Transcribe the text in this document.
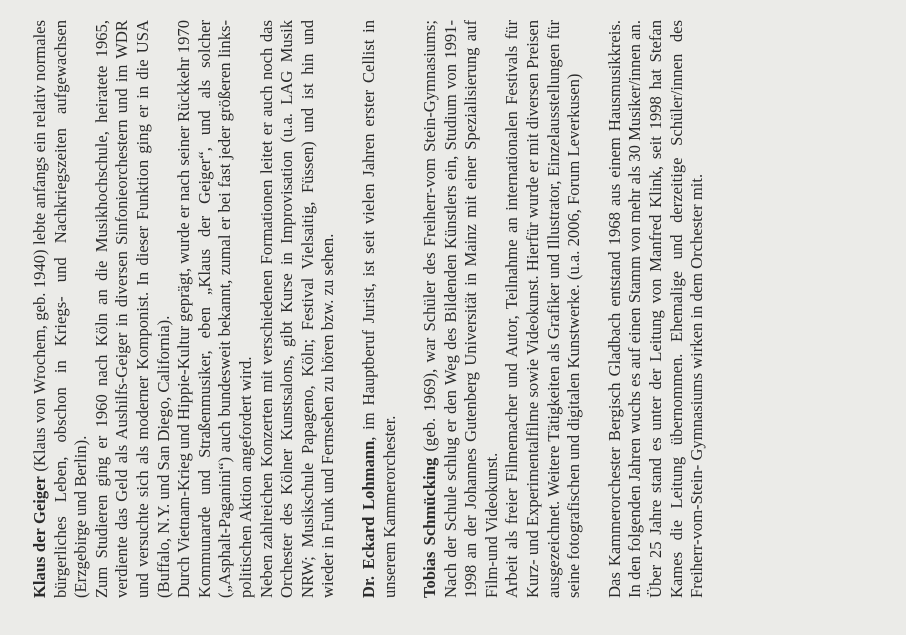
Klaus der Geiger (Klaus von Wrochem, geb. 1940) lebte anfangs ein relativ normales bürgerliches Leben, obschon in Kriegs- und Nachkriegszeiten aufgewachsen (Erzgebirge und Berlin). Zum Studieren ging er 1960 nach Köln an die Musikhochschule, heiratete 1965, verdiente das Geld als Aushilfs-Geiger in diversen Sinfonieorchestern und im WDR und versuchte sich als moderner Komponist. In dieser Funktion ging er in die USA (Buffalo, N.Y. und San Diego, California). Durch Vietnam-Krieg und Hippie-Kultur geprägt, wurde er nach seiner Rückkehr 1970 Kommunarde und Straßenmusiker, eben „Klaus der Geiger“, und als solcher („Asphalt-Paganini“) auch bundesweit bekannt, zumal er bei fast jeder größeren links-politischen Aktion angefordert wird. Neben zahlreichen Konzerten mit verschiedenen Formationen leitet er auch noch das Orchester des Kölner Kunstsalons, gibt Kurse in Improvisation (u.a. LAG Musik NRW; Musikschule Papageno, Köln; Festival Vielsaitig, Füssen) und ist hin und wieder in Funk und Fernsehen zu hören bzw. zu sehen. Dr. Eckard Lohmann, im Hauptberuf Jurist, ist seit vielen Jahren erster Cellist in unserem Kammerorchester. Tobias Schmücking (geb. 1969), war Schüler des Freiherr-vom Stein-Gymnasiums; Nach der Schule schlug er den Weg des Bildenden Künstlers ein, Studium von 1991-1998 an der Johannes Gutenberg Universität in Mainz mit einer Spezialisierung auf Film-und Videokunst. Arbeit als freier Filmemacher und Autor, Teilnahme an internationalen Festivals für Kurz- und Experimentalfilme sowie Videokunst. Hierfür wurde er mit diversen Preisen ausgezeichnet. Weitere Tätigkeiten als Grafiker und Illustrator, Einzelausstellungen für seine fotografischen und digitalen Kunstwerke. (u.a. 2006, Forum Leverkusen) Das Kammerorchester Bergisch Gladbach entstand 1968 aus einem Hausmusikkreis. In den folgenden Jahren wuchs es auf einen Stamm von mehr als 30 Musiker/innen an. Über 25 Jahre stand es unter der Leitung von Manfred Klink, seit 1998 hat Stefan Kames die Leitung übernommen. Ehemalige und derzeitige Schüler/innen des Freiherr-vom-Stein- Gymnasiums wirken in dem Orchester mit.
